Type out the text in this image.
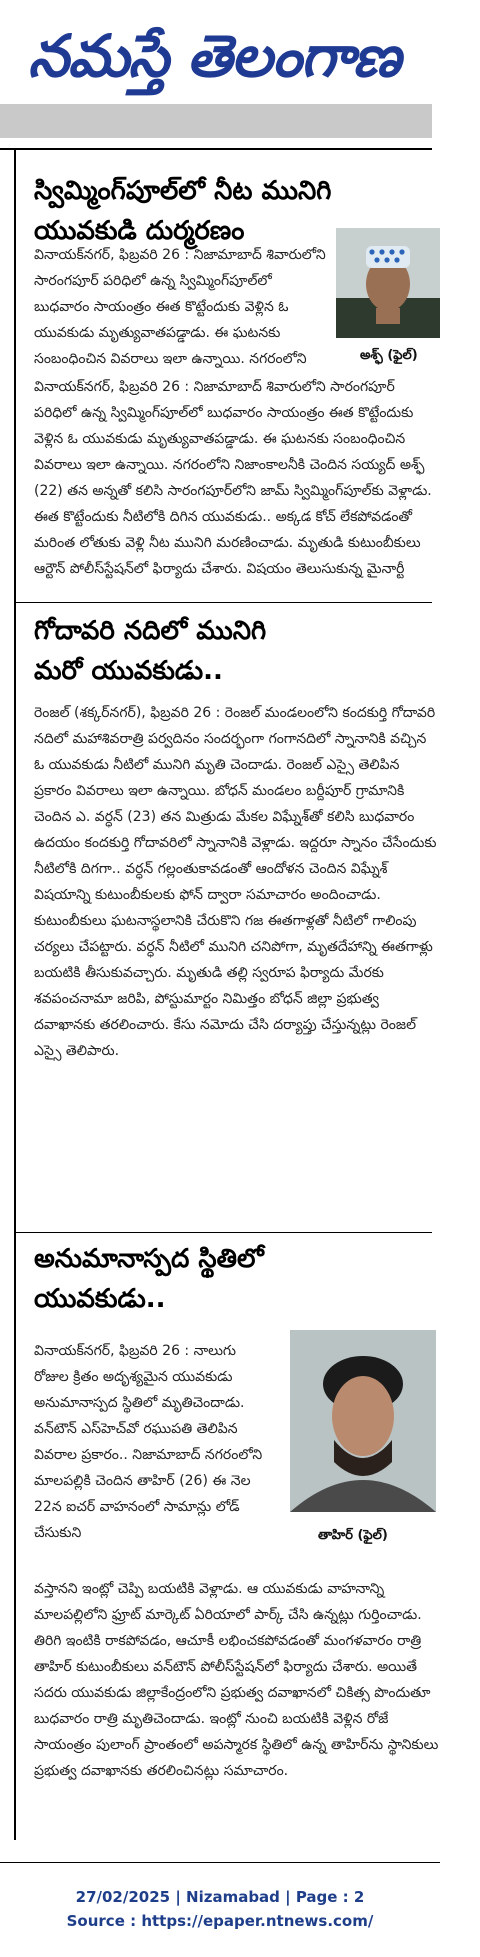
నమస్తే తెలంగాణ
స్విమ్మింగ్‌పూల్‌లో నీట మునిగి
యువకుడి దుర్మరణం
అశ్ఫ్ (ఫైల్)
వినాయక్‌నగర్, ఫిబ్రవరి 26 : నిజామాబాద్ శివారులోని సారంగపూర్ పరిధిలో ఉన్న స్విమ్మింగ్‌పూల్‌లో బుధవారం సాయంత్రం ఈత కొట్టేందుకు వెళ్లిన ఓ యువకుడు మృత్యువాతపడ్డాడు. ఈ ఘటనకు సంబంధించిన వివరాలు ఇలా ఉన్నాయి. నగరంలోని
వినాయక్‌నగర్, ఫిబ్రవరి 26 : నిజామాబాద్ శివారులోని సారంగపూర్ పరిధిలో ఉన్న స్విమ్మింగ్‌పూల్‌లో బుధవారం సాయంత్రం ఈత కొట్టేందుకు వెళ్లిన ఓ యువకుడు మృత్యువాతపడ్డాడు. ఈ ఘటనకు సంబంధించిన వివరాలు ఇలా ఉన్నాయి. నగరంలోని నిజాంకాలనీకి చెందిన సయ్యద్ అశ్ఫ్ (22) తన అన్నతో కలిసి సారంగపూర్‌లోని జామ్ స్విమ్మింగ్‌పూల్‌కు వెళ్లాడు. ఈత కొట్టేందుకు నీటిలోకి దిగిన యువకుడు.. అక్కడ కోచ్ లేకపోవడంతో మరింత లోతుకు వెళ్లి నీట మునిగి మరణించాడు. మృతుడి కుటుంబీకులు ఆర్టౌన్ పోలీస్‌స్టేషన్‌లో ఫిర్యాదు చేశారు. విషయం తెలుసుకున్న మైనార్టీ
గోదావరి నదిలో మునిగి
మరో యువకుడు..
రెంజల్ (శక్కర్‌నగర్), ఫిబ్రవరి 26 : రెంజల్ మండలంలోని కందకుర్తి గోదావరి నదిలో మహాశివరాత్రి పర్వదినం సందర్భంగా గంగానదిలో స్నానానికి వచ్చిన ఓ యువకుడు నీటిలో మునిగి మృతి చెందాడు. రెంజల్ ఎస్సై తెలిపిన ప్రకారం వివరాలు ఇలా ఉన్నాయి. బోధన్ మండలం బర్దీపూర్ గ్రామానికి చెందిన ఎ. వర్ధన్ (23) తన మిత్రుడు మేకల విఘ్నేశ్‌తో కలిసి బుధవారం ఉదయం కందకుర్తి గోదావరిలో స్నానానికి వెళ్లాడు. ఇద్దరూ స్నానం చేసేందుకు నీటిలోకి దిగగా.. వర్ధన్ గల్లంతుకావడంతో ఆందోళన చెందిన విఘ్నేశ్ విషయాన్ని కుటుంబీకులకు ఫోన్ ద్వారా సమాచారం అందించాడు. కుటుంబీకులు ఘటనాస్థలానికి చేరుకొని గజ ఈతగాళ్లతో నీటిలో గాలింపు చర్యలు చేపట్టారు. వర్ధన్ నీటిలో మునిగి చనిపోగా, మృతదేహాన్ని ఈతగాళ్లు బయటికి తీసుకువచ్చారు. మృతుడి తల్లి స్వరూప ఫిర్యాదు మేరకు శవపంచనామా జరిపి, పోస్టుమార్టం నిమిత్తం బోధన్ జిల్లా ప్రభుత్వ దవాఖానకు తరలించారు. కేసు నమోదు చేసి దర్యాప్తు చేస్తున్నట్లు రెంజల్ ఎస్సై తెలిపారు.
అనుమానాస్పద స్థితిలో
యువకుడు..
వినాయక్‌నగర్, ఫిబ్రవరి 26 : నాలుగు రోజుల క్రితం అదృశ్యమైన యువకుడు అనుమానాస్పద స్థితిలో మృతిచెందాడు. వన్‌టౌన్ ఎస్‌హెచ్‌వో రఘుపతి తెలిపిన వివరాల ప్రకారం.. నిజామాబాద్ నగరంలోని మాలపల్లికి చెందిన తాహిర్ (26) ఈ నెల 22న ఐచర్ వాహనంలో సామాన్లు లోడ్ చేసుకుని	తాహిర్ (ఫైల్)
వస్తానని ఇంట్లో చెప్పి బయటికి వెళ్లాడు. ఆ యువకుడు వాహనాన్ని మాలపల్లిలోని ఫ్రూట్ మార్కెట్ ఏరియాలో పార్క్ చేసి ఉన్నట్లు గుర్తించాడు. తిరిగి ఇంటికి రాకపోవడం, ఆచూకీ లభించకపోవడంతో మంగళవారం రాత్రి తాహిర్ కుటుంబీకులు వన్‌టౌన్ పోలీస్‌స్టేషన్‌లో ఫిర్యాదు చేశారు. అయితే సదరు యువకుడు జిల్లాకేంద్రంలోని ప్రభుత్వ దవాఖానలో చికిత్స పొందుతూ బుధవారం రాత్రి మృతిచెందాడు. ఇంట్లో నుంచి బయటికి వెళ్లిన రోజే సాయంత్రం పులాంగ్ ప్రాంతంలో అపస్మారక స్థితిలో ఉన్న తాహిర్‌ను స్థానికులు ప్రభుత్వ దవాఖానకు తరలించినట్లు సమాచారం.
27/02/2025 | Nizamabad | Page : 2
Source : https://epaper.ntnews.com/
